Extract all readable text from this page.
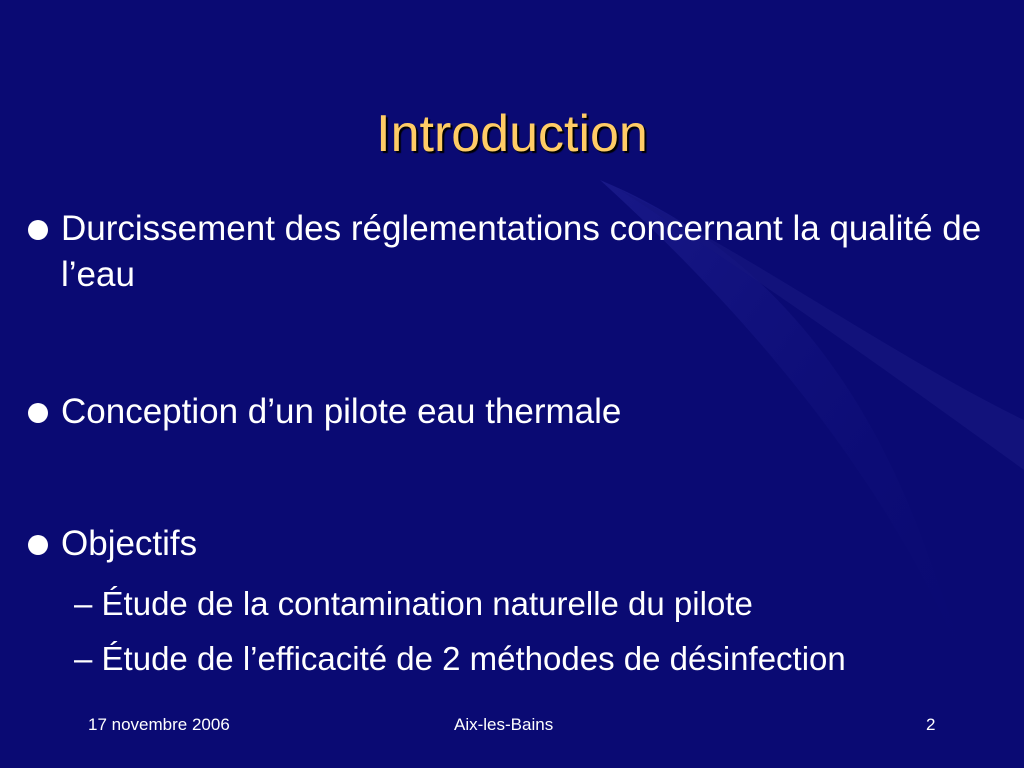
Introduction
Durcissement des réglementations concernant la qualité de l’eau
Conception d’un pilote eau thermale
Objectifs
– Étude de la contamination naturelle du pilote
– Étude de l’efficacité de 2 méthodes de désinfection
17 novembre 2006	Aix-les-Bains	2
